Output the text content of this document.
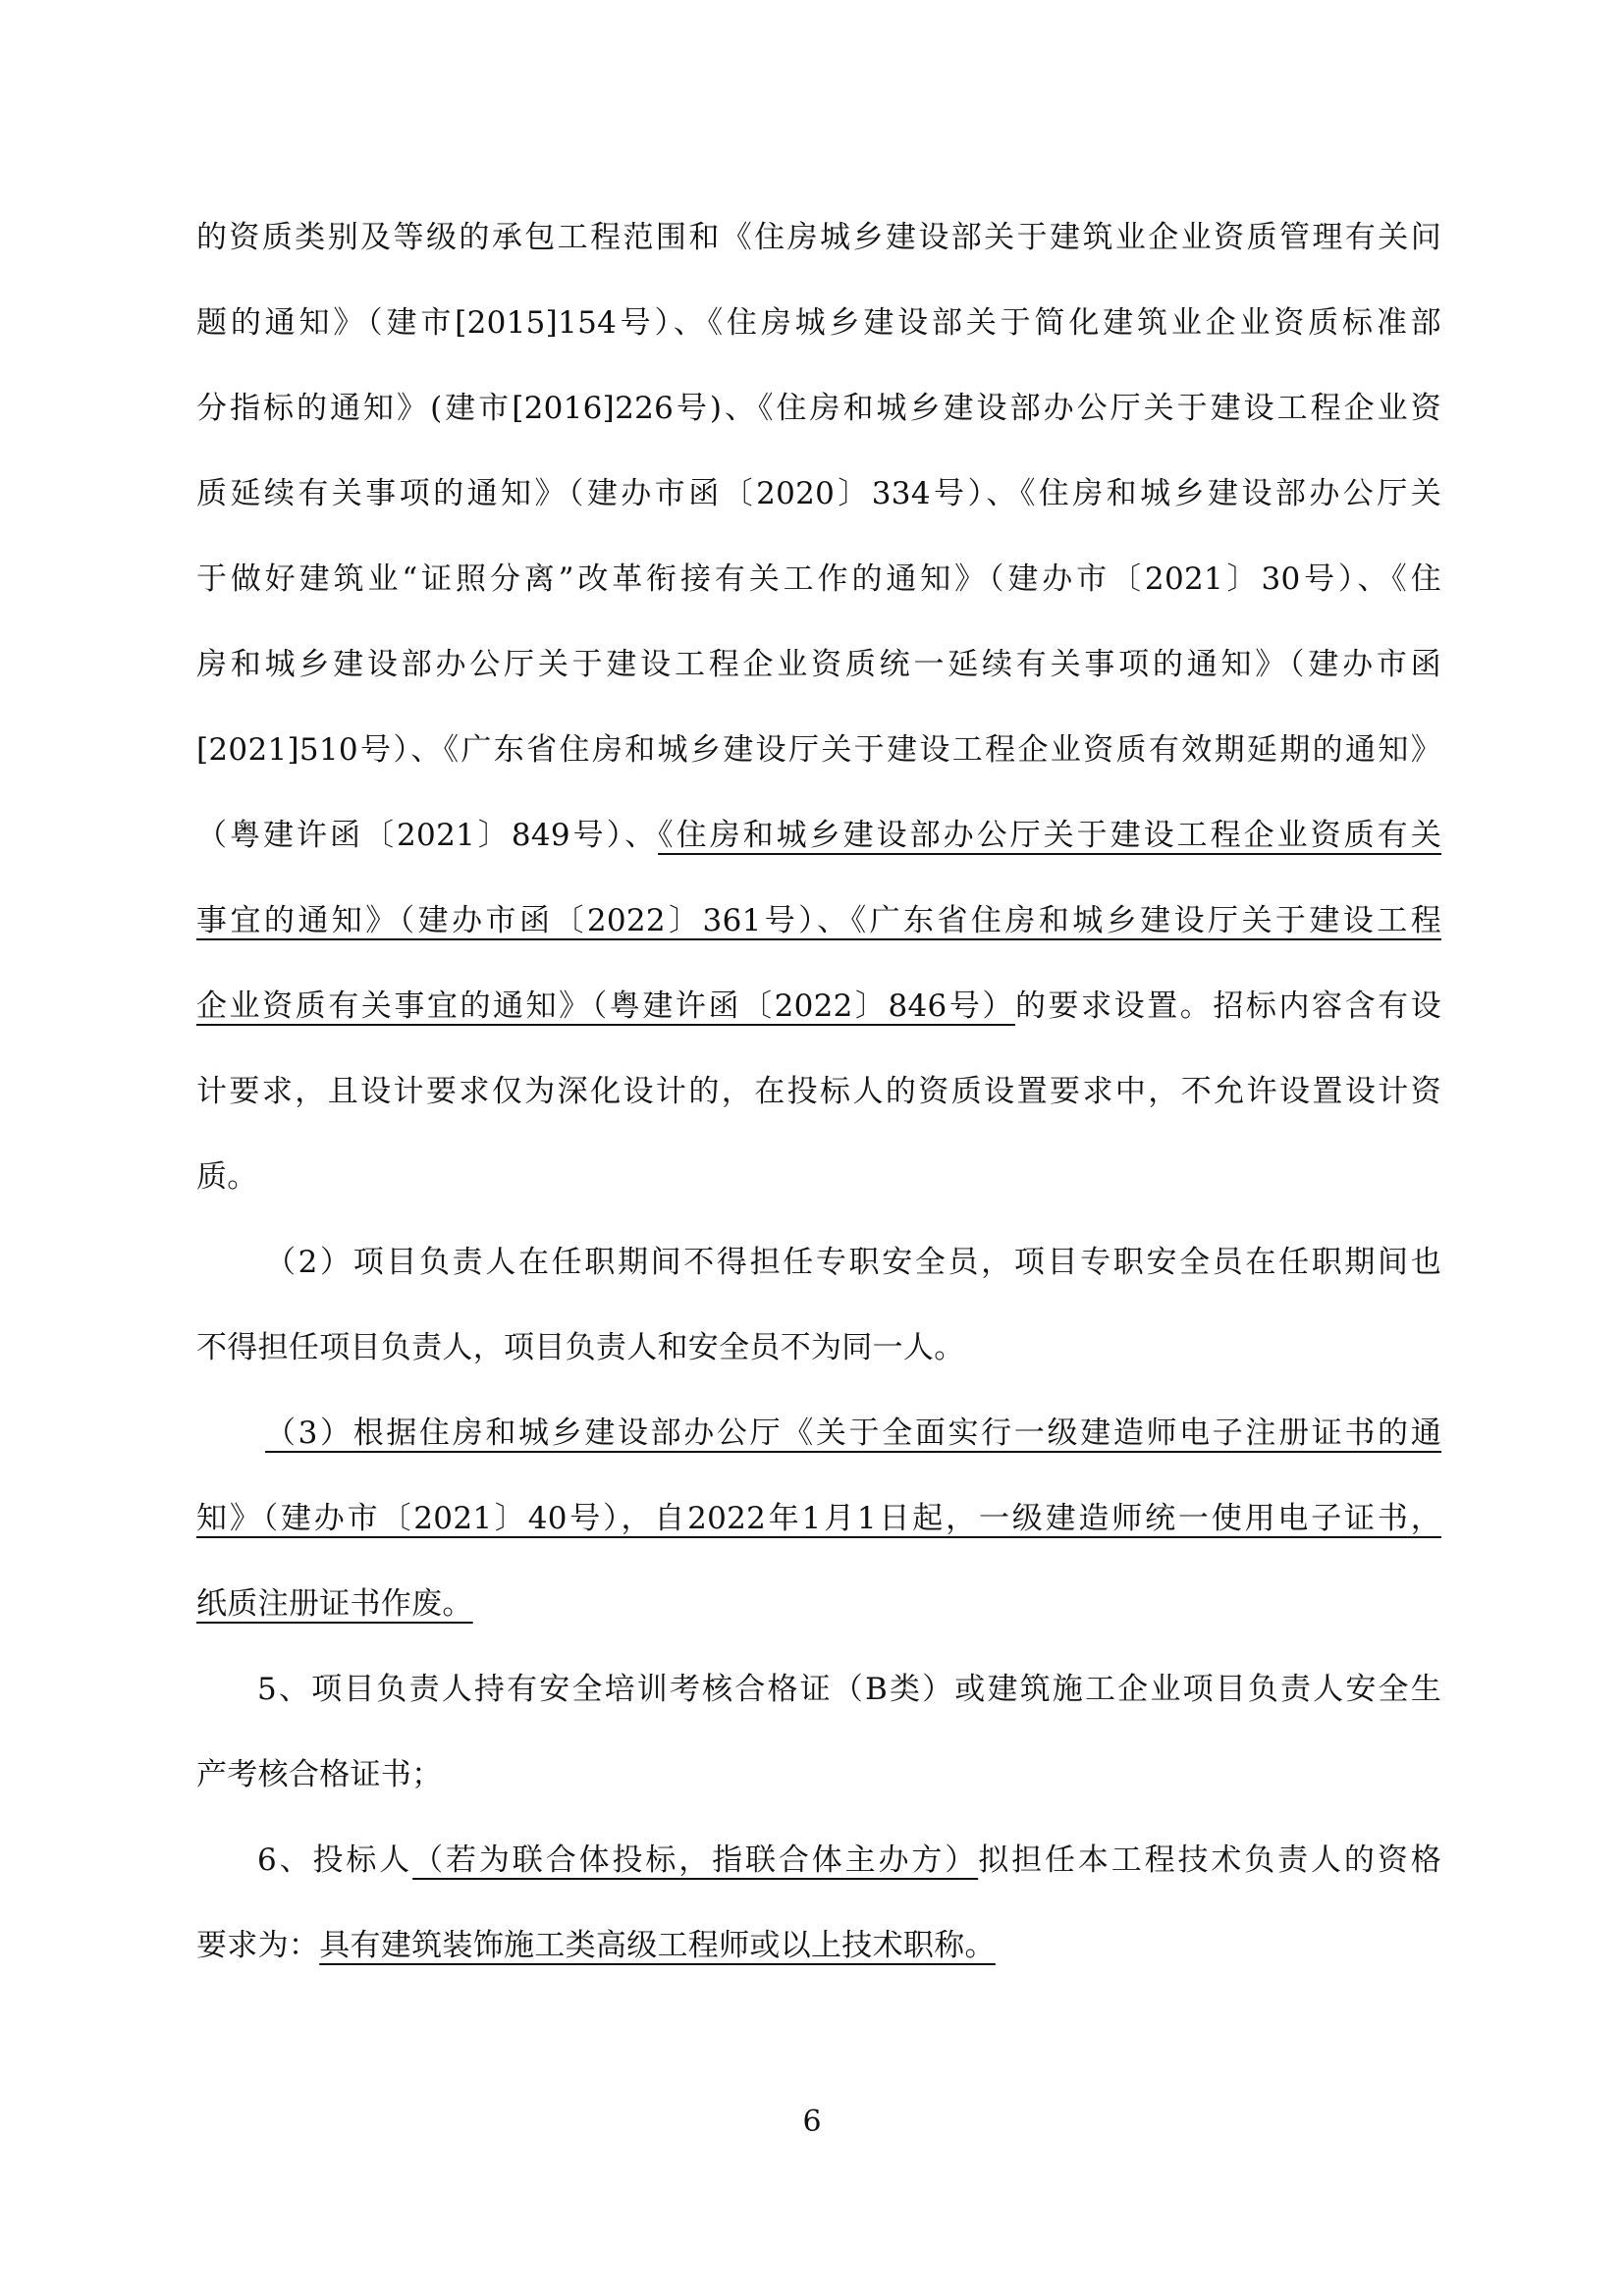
的资质类别及等级的承包工程范围和《住房城乡建设部关于建筑业企业资质管理有关问
题的通知》（建市[2015]154号）、《住房城乡建设部关于简化建筑业企业资质标准部
分指标的通知》(建市[2016]226号)、《住房和城乡建设部办公厅关于建设工程企业资
质延续有关事项的通知》（建办市函〔2020〕334号）、《住房和城乡建设部办公厅关
于做好建筑业“证照分离”改革衔接有关工作的通知》（建办市〔2021〕30号）、《住
房和城乡建设部办公厅关于建设工程企业资质统一延续有关事项的通知》（建办市函
[2021]510号）、《广东省住房和城乡建设厅关于建设工程企业资质有效期延期的通知》
（粤建许函〔2021〕849号）、《住房和城乡建设部办公厅关于建设工程企业资质有关
事宜的通知》（建办市函〔2022〕361号）、《广东省住房和城乡建设厅关于建设工程
企业资质有关事宜的通知》（粤建许函〔2022〕846号）的要求设置。招标内容含有设
计要求，且设计要求仅为深化设计的，在投标人的资质设置要求中，不允许设置设计资
质。
（2）项目负责人在任职期间不得担任专职安全员，项目专职安全员在任职期间也
不得担任项目负责人，项目负责人和安全员不为同一人。
（3）根据住房和城乡建设部办公厅《关于全面实行一级建造师电子注册证书的通
知》（建办市〔2021〕40号），自2022年1月1日起，一级建造师统一使用电子证书，
纸质注册证书作废。
5、项目负责人持有安全培训考核合格证（B类）或建筑施工企业项目负责人安全生
产考核合格证书；
6、投标人（若为联合体投标，指联合体主办方）拟担任本工程技术负责人的资格
要求为：具有建筑装饰施工类高级工程师或以上技术职称。
6
